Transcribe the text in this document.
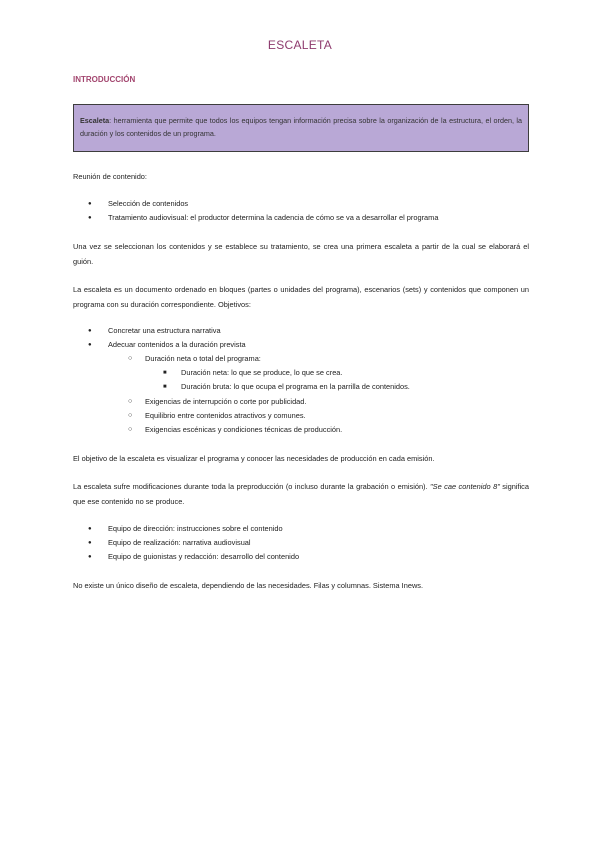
ESCALETA
INTRODUCCIÓN
Escaleta: herramienta que permite que todos los equipos tengan información precisa sobre la organización de la estructura, el orden, la duración y los contenidos de un programa.
Reunión de contenido:
● Selección de contenidos
● Tratamiento audiovisual: el productor determina la cadencia de cómo se va a desarrollar el programa
Una vez se seleccionan los contenidos y se establece su tratamiento, se crea una primera escaleta a partir de la cual se elaborará el guión.
La escaleta es un documento ordenado en bloques (partes o unidades del programa), escenarios (sets) y contenidos que componen un programa con su duración correspondiente. Objetivos:
● Concretar una estructura narrativa
● Adecuar contenidos a la duración prevista
○ Duración neta o total del programa:
■ Duración neta: lo que se produce, lo que se crea.
■ Duración bruta: lo que ocupa el programa en la parrilla de contenidos.
○ Exigencias de interrupción o corte por publicidad.
○ Equilibrio entre contenidos atractivos y comunes.
○ Exigencias escénicas y condiciones técnicas de producción.
El objetivo de la escaleta es visualizar el programa y conocer las necesidades de producción en cada emisión.
La escaleta sufre modificaciones durante toda la preproducción (o incluso durante la grabación o emisión). "Se cae contenido 8" significa que ese contenido no se produce.
● Equipo de dirección: instrucciones sobre el contenido
● Equipo de realización: narrativa audiovisual
● Equipo de guionistas y redacción: desarrollo del contenido
No existe un único diseño de escaleta, dependiendo de las necesidades. Filas y columnas. Sistema Inews.
